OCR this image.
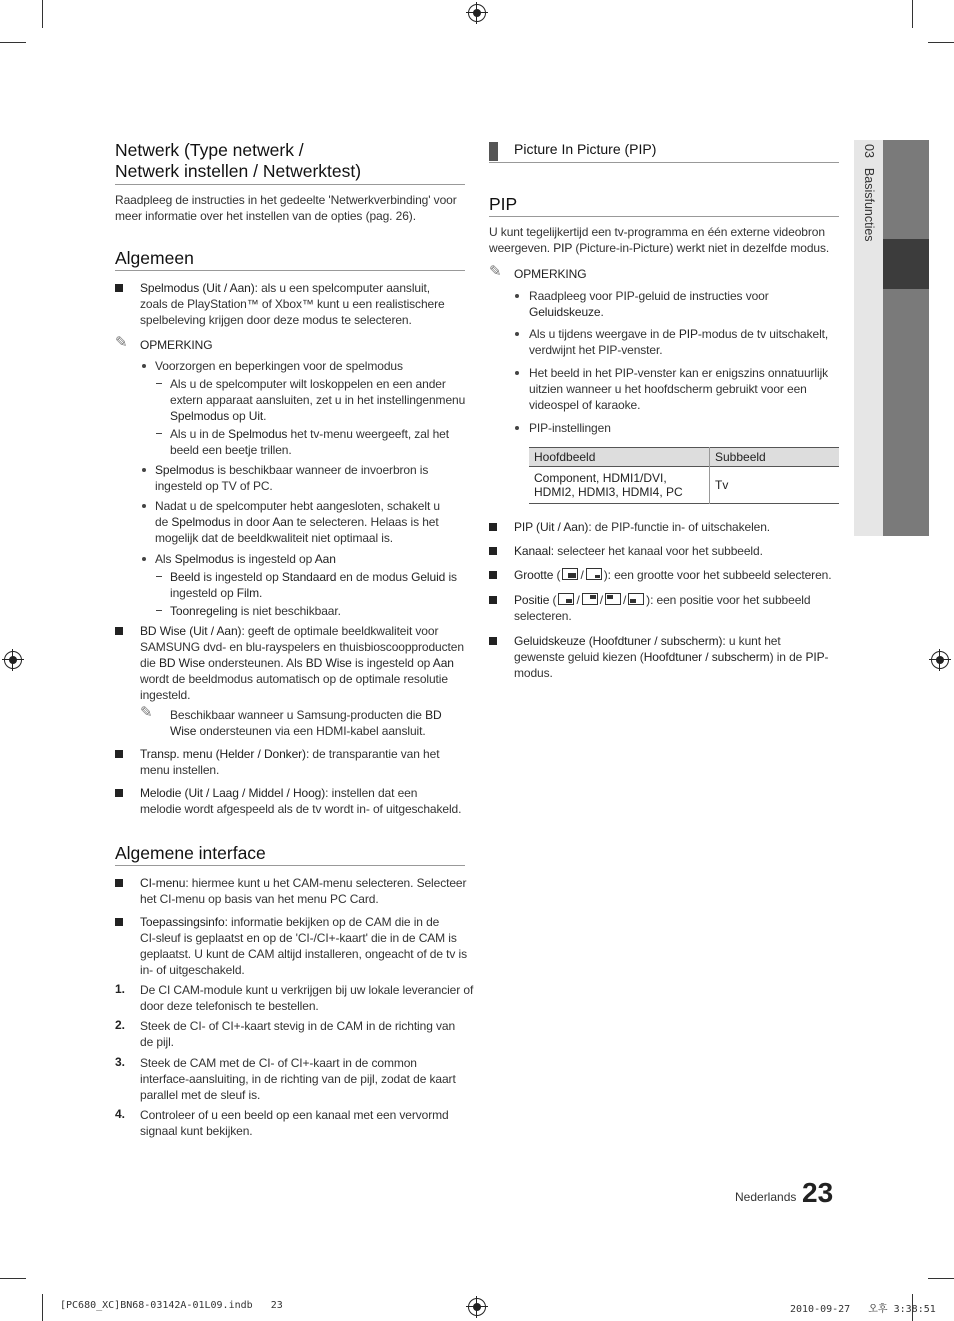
Netwerk (Type netwerk /
Netwerk instellen / Netwerktest)
Raadpleeg de instructies in het gedeelte 'Netwerkverbinding' voor
meer informatie over het instellen van de opties (pag. 26).
Algemeen
Spelmodus (Uit / Aan): als u een spelcomputer aansluit,
zoals de PlayStation™ of Xbox™ kunt u een realistischere
spelbeleving krijgen door deze modus te selecteren.
✎ OPMERKING
Voorzorgen en beperkingen voor de spelmodus
Als u de spelcomputer wilt loskoppelen en een ander
extern apparaat aansluiten, zet u in het instellingenmenu
Spelmodus op Uit.
Als u in de Spelmodus het tv-menu weergeeft, zal het
beeld een beetje trillen.
Spelmodus is beschikbaar wanneer de invoerbron is
ingesteld op TV of PC.
Nadat u de spelcomputer hebt aangesloten, schakelt u
de Spelmodus in door Aan te selecteren. Helaas is het
mogelijk dat de beeldkwaliteit niet optimaal is.
Als Spelmodus is ingesteld op Aan
Beeld is ingesteld op Standaard en de modus Geluid is
ingesteld op Film.
Toonregeling is niet beschikbaar.
BD Wise (Uit / Aan): geeft de optimale beeldkwaliteit voor
SAMSUNG dvd- en blu-rayspelers en thuisbioscoopproducten
die BD Wise ondersteunen. Als BD Wise is ingesteld op Aan
wordt de beeldmodus automatisch op de optimale resolutie
ingesteld.
✎ Beschikbaar wanneer u Samsung-producten die BD
Wise ondersteunen via een HDMI-kabel aansluit.
Transp. menu (Helder / Donker): de transparantie van het
menu instellen.
Melodie (Uit / Laag / Middel / Hoog): instellen dat een
melodie wordt afgespeeld als de tv wordt in- of uitgeschakeld.
Algemene interface
CI-menu: hiermee kunt u het CAM-menu selecteren. Selecteer
het CI-menu op basis van het menu PC Card.
Toepassingsinfo: informatie bekijken op de CAM die in de
CI-sleuf is geplaatst en op de 'CI-/CI+-kaart' die in de CAM is
geplaatst. U kunt de CAM altijd installeren, ongeacht of de tv is
in- of uitgeschakeld.
1. De CI CAM-module kunt u verkrijgen bij uw lokale leverancier of
door deze telefonisch te bestellen.
2. Steek de CI- of CI+-kaart stevig in de CAM in de richting van
de pijl.
3. Steek de CAM met de CI- of CI+-kaart in de common
interface-aansluiting, in de richting van de pijl, zodat de kaart
parallel met de sleuf is.
4. Controleer of u een beeld op een kanaal met een vervormd
signaal kunt bekijken.
Picture In Picture (PIP)
PIP
U kunt tegelijkertijd een tv-programma en één externe videobron
weergeven. PIP (Picture-in-Picture) werkt niet in dezelfde modus.
✎ OPMERKING
Raadpleeg voor PIP-geluid de instructies voor
Geluidskeuze.
Als u tijdens weergave in de PIP-modus de tv uitschakelt,
verdwijnt het PIP-venster.
Het beeld in het PIP-venster kan er enigszins onnatuurlijk
uitzien wanneer u het hoofdscherm gebruikt voor een
videospel of karaoke.
PIP-instellingen
Hoofdbeeld	Subbeeld

Component, HDMI1/DVI,
HDMI2, HDMI3, HDMI4, PC	Tv
PIP (Uit / Aan): de PIP-functie in- of uitschakelen.
Kanaal: selecteer het kanaal voor het subbeeld.
Grootte ( / ): een grootte voor het subbeeld selecteren.
Positie ( / / / ): een positie voor het subbeeld
selecteren.
Geluidskeuze (Hoofdtuner / subscherm): u kunt het
gewenste geluid kiezen (Hoofdtuner / subscherm) in de PIP-
modus.
03Basisfuncties
Nederlands 23
[PC680_XC]BN68-03142A-01L09.indb   23	2010-09-27   오후 3:38:51
